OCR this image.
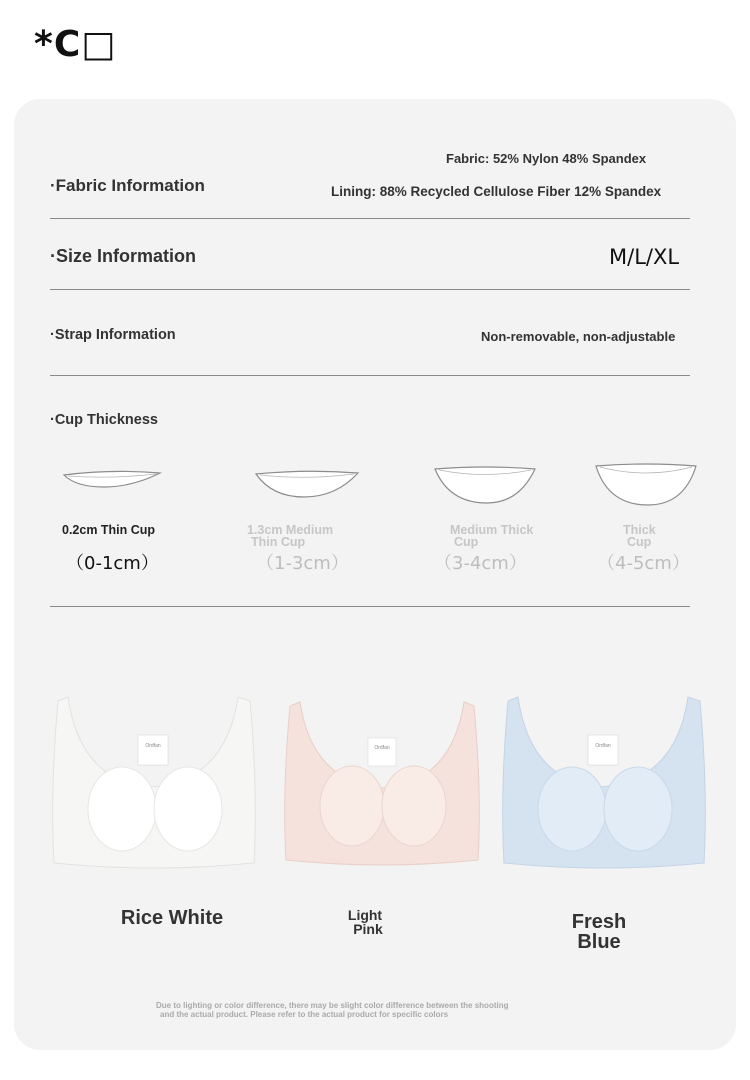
*C□
·Fabric Information
Fabric: 52% Nylon 48% Spandex
Lining: 88% Recycled Cellulose Fiber 12% Spandex
·Size Information	M/L/XL
·Strap Information	Non-removable, non-adjustable
·Cup Thickness
0.2cm Thin Cup
（0-1cm）
1.3cm Medium
Thin Cup
（1-3cm）
Medium Thick
Cup
（3-4cm）
Thick
Cup
（4-5cm）
Ordfan	Ordfan	Ordfan
Rice White	Light
Pink	Fresh
Blue
Due to lighting or color difference, there may be slight color difference between the shooting
and the actual product. Please refer to the actual product for specific colors
